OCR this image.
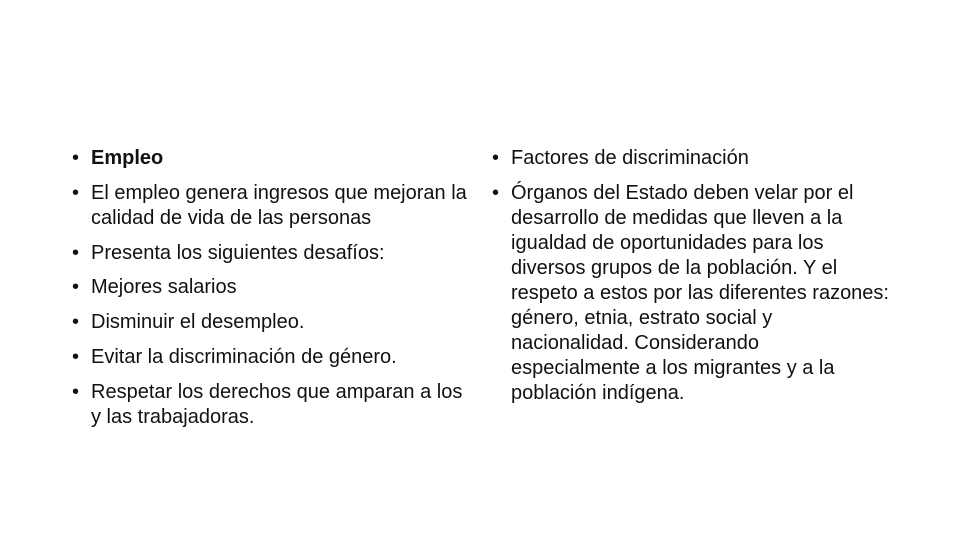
• Empleo
• El empleo genera ingresos que mejoran la calidad de vida de las personas
• Presenta los siguientes desafíos:
• Mejores salarios
• Disminuir el desempleo.
• Evitar la discriminación de género.
• Respetar los derechos que amparan a los y las trabajadoras.
• Factores de discriminación
• Órganos del Estado deben velar por el desarrollo de medidas que lleven a la igualdad de oportunidades para los diversos grupos de la población. Y el respeto a estos por las diferentes razones: género, etnia, estrato social y nacionalidad. Considerando especialmente a los migrantes y a la población indígena.
